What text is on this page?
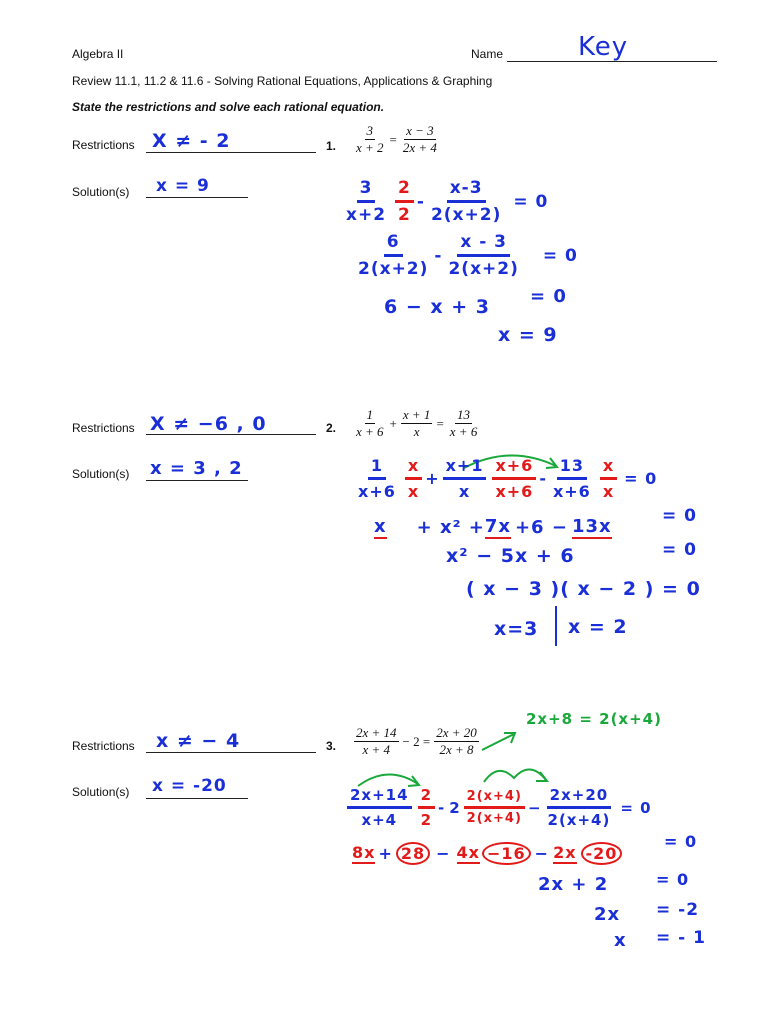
Algebra II	Name	Key
Review 11.1, 11.2 & 11.6 - Solving Rational Equations, Applications & Graphing
State the restrictions and solve each rational equation.
Restrictions X ≠ - 2	1. $\frac{3}{x + 2} = \frac{x - 3}{2x + 4}$
Solution(s) x = 9	$\frac{3}{x+2} \frac{2}{2} - \frac{x-3}{2(x+2)} = 0$
$\frac{6}{2(x+2)} - \frac{x - 3}{2(x+2)} = 0$
6 − x + 3 = 0
x = 9
Restrictions X ≠ −6 , 0	2. $\frac{1}{x + 6} + \frac{x + 1}{x} = \frac{13}{x + 6}$
Solution(s) x = 3 , 2	$\frac{1}{x+6} \frac{x}{x} + \frac{x+1}{x} \frac{x+6}{x+6} - \frac{13}{x+6} \frac{x}{x} = 0$
x + x² + 7x +6 − 13x	= 0
x² − 5x + 6	= 0
( x − 3 )( x − 2 ) = 0
x=3 x = 2
Restrictions x ≠ − 4	3. $\frac{2x + 14}{x + 4} - 2 = \frac{2x + 20}{2x + 8}$
2x+8 = 2(x+4)
Solution(s) x = -20	$\frac{2x+14}{x+4} \frac{2}{2} - 2 \frac{2(x+4)}{2(x+4)} - \frac{2x+20}{2(x+4)} = 0$
8x + 28 − 4x −16 − 2x -20
= 0
2x + 2	= 0
2x = -2
x = - 1
